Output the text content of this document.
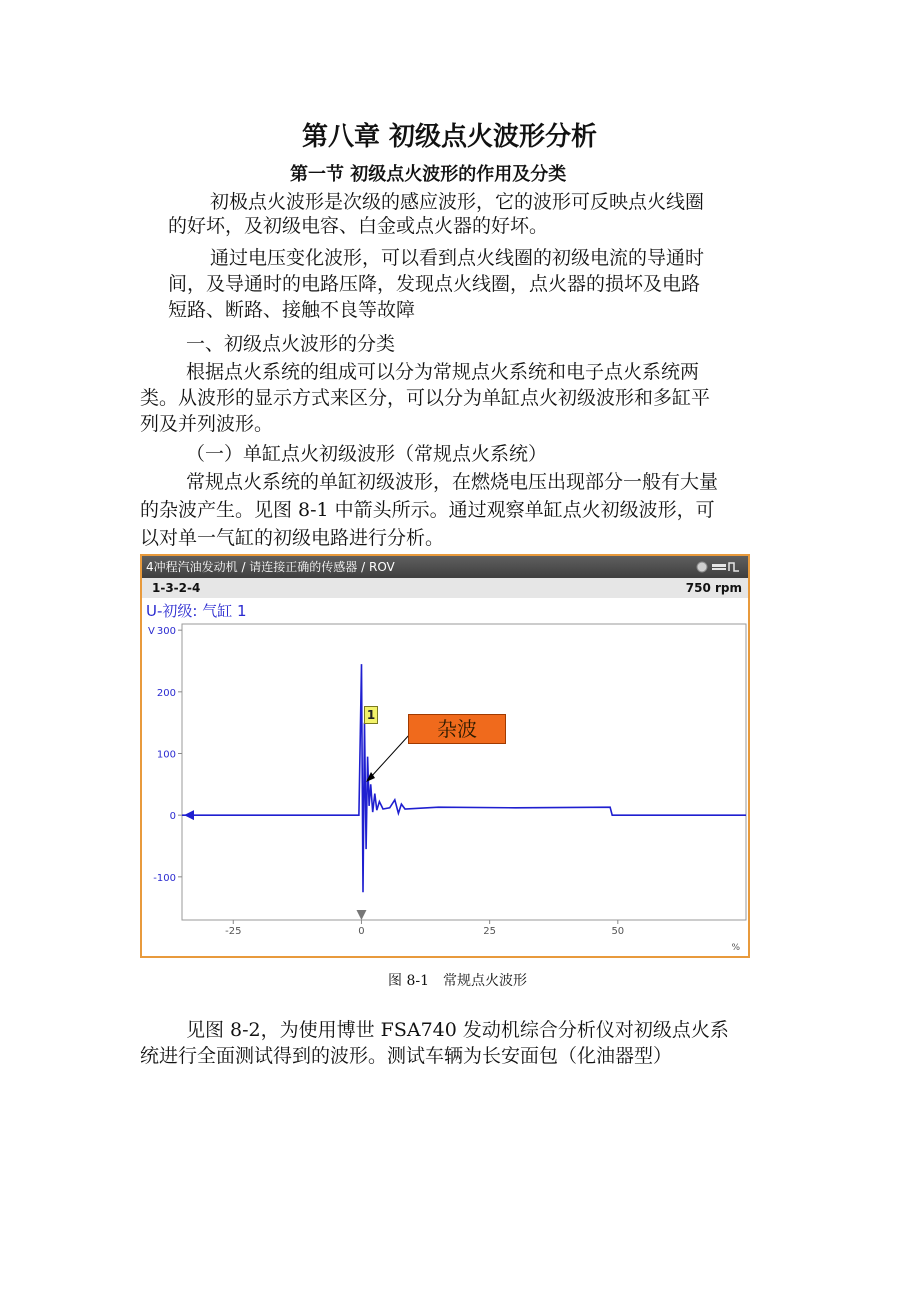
第八章 初级点火波形分析
第一节 初级点火波形的作用及分类
初极点火波形是次级的感应波形，它的波形可反映点火线圈
的好坏，及初级电容、白金或点火器的好坏。
通过电压变化波形，可以看到点火线圈的初级电流的导通时
间，及导通时的电路压降，发现点火线圈，点火器的损坏及电路
短路、断路、接触不良等故障
一、初级点火波形的分类
根据点火系统的组成可以分为常规点火系统和电子点火系统两
类。从波形的显示方式来区分，可以分为单缸点火初级波形和多缸平
列及并列波形。
（一）单缸点火初级波形（常规点火系统）
常规点火系统的单缸初级波形，在燃烧电压出现部分一般有大量
的杂波产生。见图 8-1 中箭头所示。通过观察单缸点火初级波形，可
以对单一气缸的初级电路进行分析。
4冲程汽油发动机 / 请连接正确的传感器 / ROV
1-3-2-4	750 rpm
U-初级: 气缸 1
V 300
200
100
0
-100
-25	0	25	50
%
1
杂波
图 8-1　常规点火波形
见图 8-2，为使用博世 FSA740 发动机综合分析仪对初级点火系
统进行全面测试得到的波形。测试车辆为长安面包（化油器型）
